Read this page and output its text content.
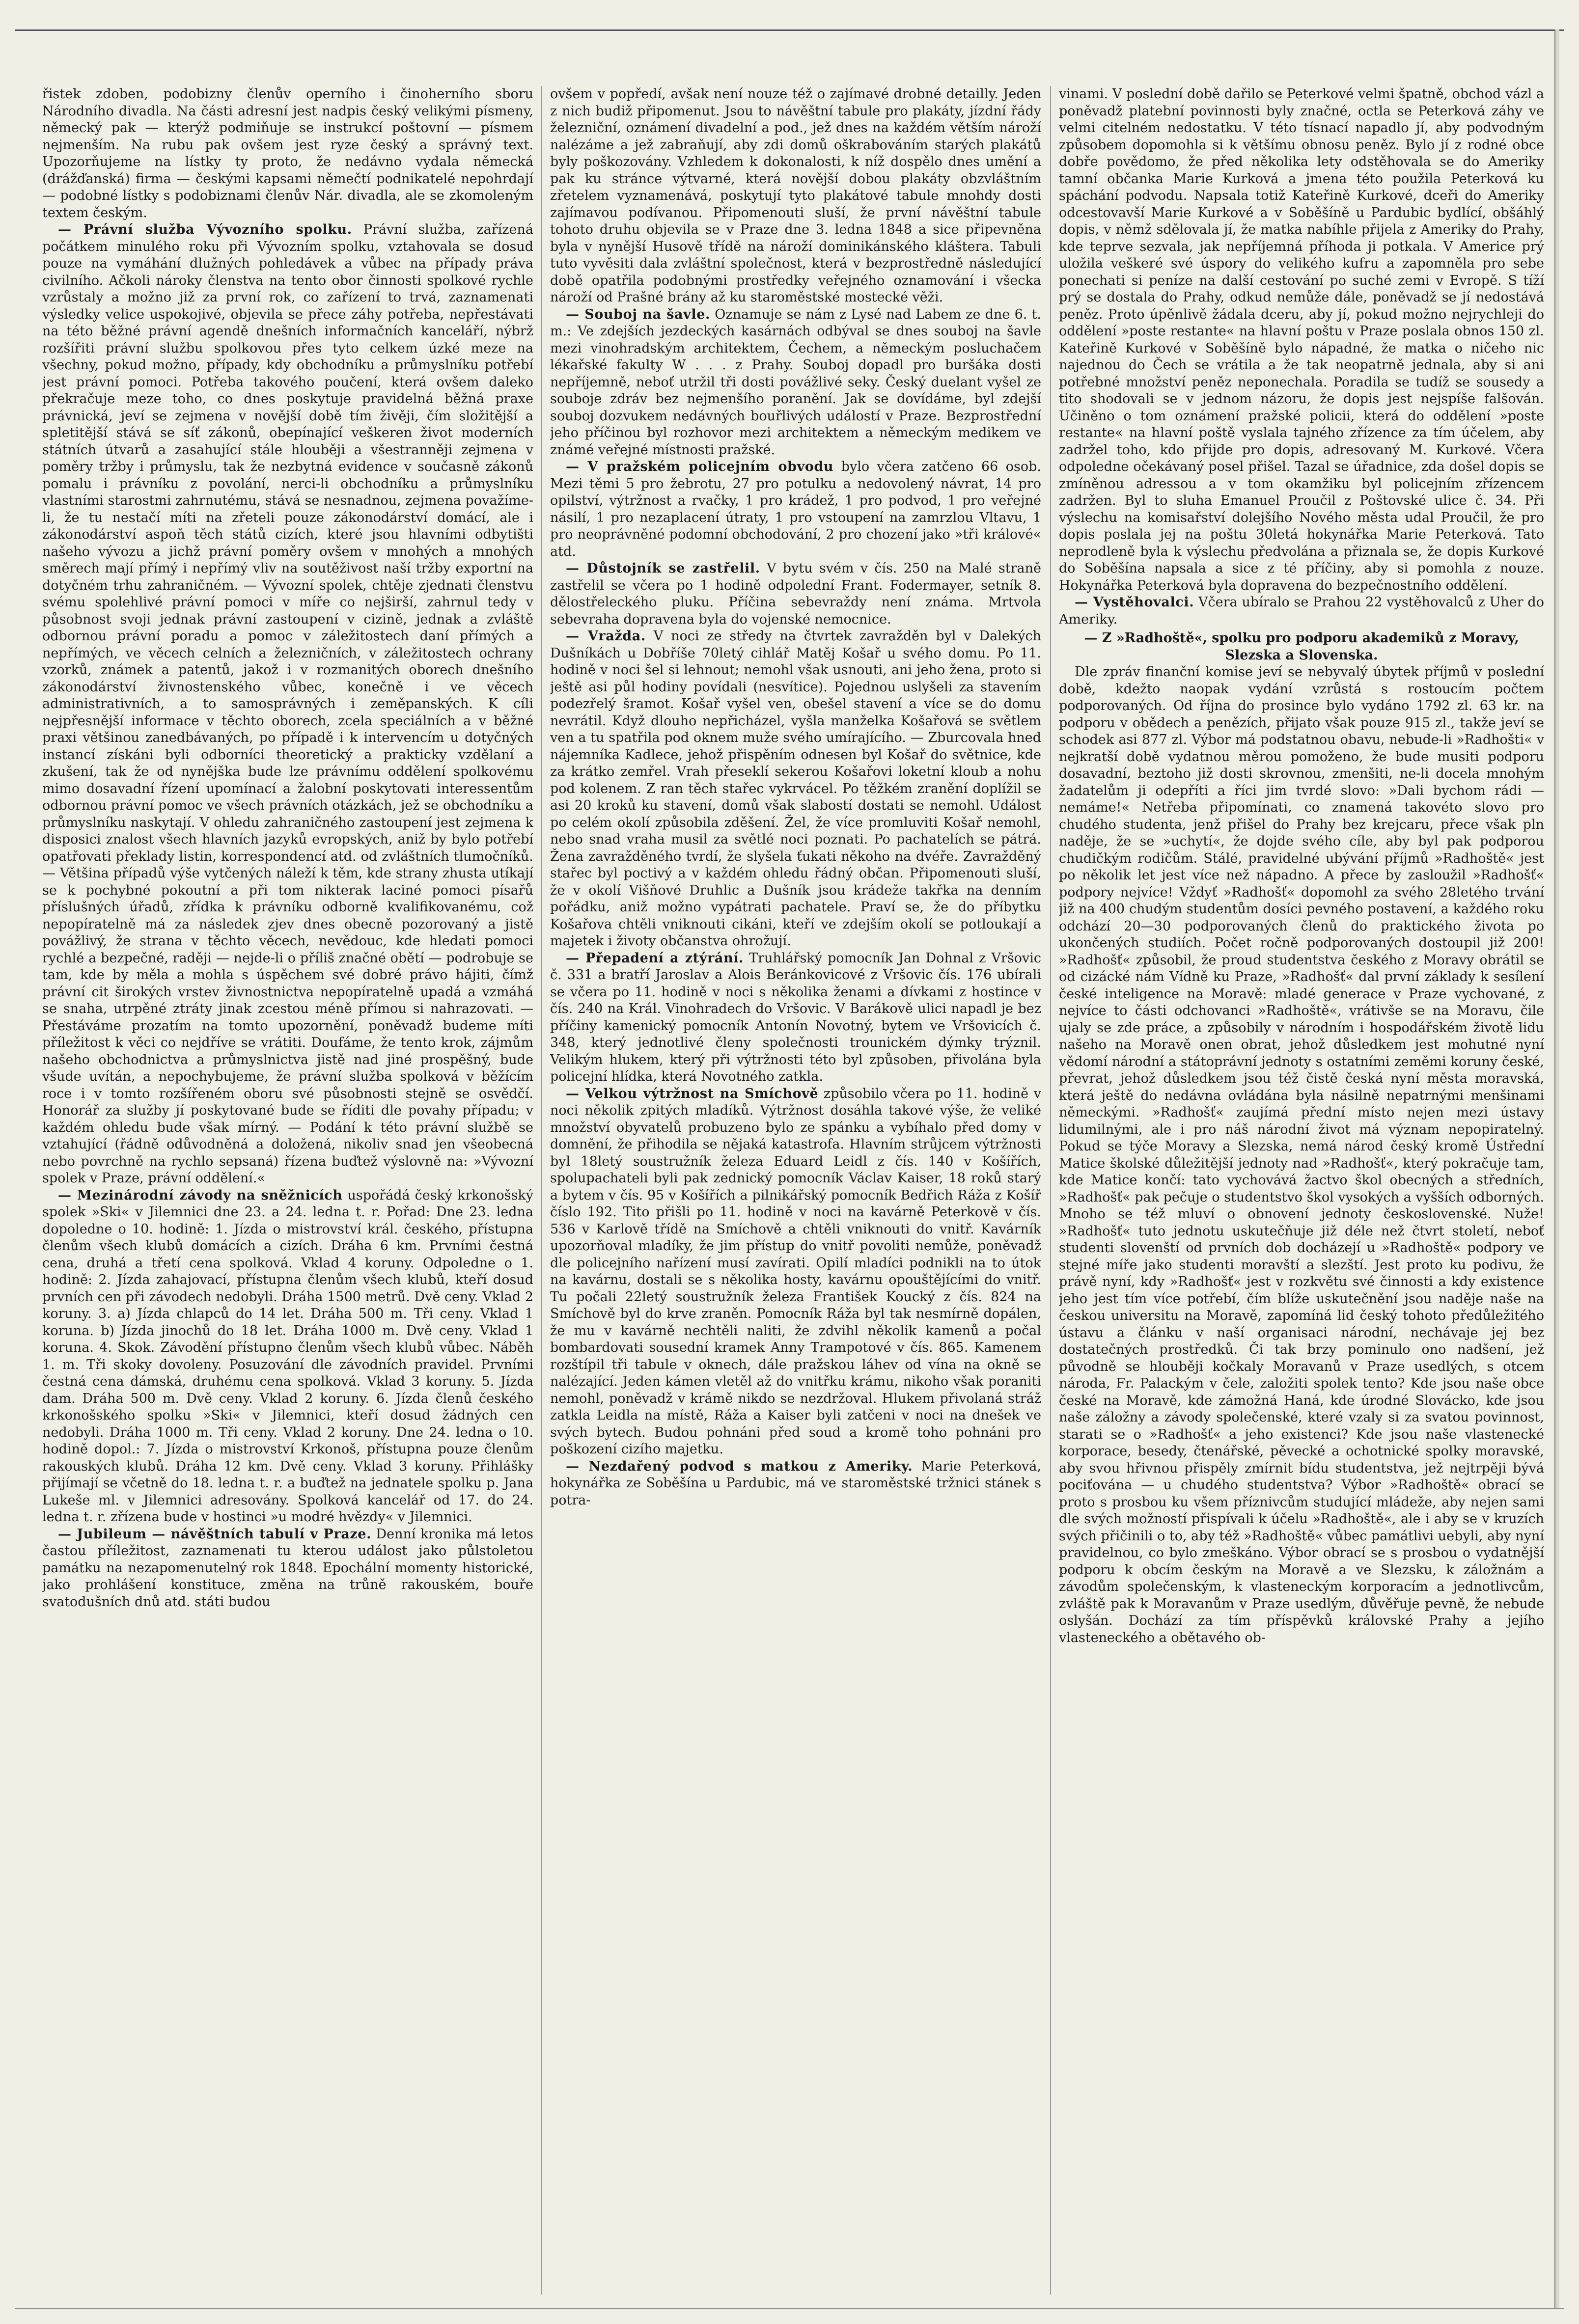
řistek zdoben, podobizny členův operního i činoherního sboru Národního divadla. Na části adresní jest nadpis český velikými písmeny, německý pak — kterýž podmiňuje se instrukcí poštovní — písmem nejmenším. Na rubu pak ovšem jest ryze český a správný text. Upozorňujeme na lístky ty proto, že nedávno vydala německá (drážďanská) firma — českými kapsami němečtí podnikatelé nepohrdají — podobné lístky s podobiznami členův Nár. divadla, ale se zkomoleným textem českým.

— Právní služba Vývozního spolku. Právní služba, zařízená počátkem minulého roku při Vývozním spolku, vztahovala se dosud pouze na vymáhání dlužných pohledávek a vůbec na případy práva civilního. Ačkoli nároky členstva na tento obor činnosti spolkové rychle vzrůstaly a možno již za první rok, co zařízení to trvá, zaznamenati výsledky velice uspokojivé, objevila se přece záhy potřeba, nepřestávati na této běžné právní agendě dnešních informačních kanceláří, nýbrž rozšířiti právní službu spolkovou přes tyto celkem úzké meze na všechny, pokud možno, případy, kdy obchodníku a průmyslníku potřebí jest právní pomoci. Potřeba takového poučení, která ovšem daleko překračuje meze toho, co dnes poskytuje pravidelná běžná praxe právnická, jeví se zejmena v novější době tím živěji, čím složitější a spletitější stává se síť zákonů, obepínající veškeren život moderních státních útvarů a zasahující stále hlouběji a všestranněji zejmena v poměry tržby i průmyslu, tak že nezbytná evidence v současně zákonů pomalu i právníku z povolání, nerci-li obchodníku a průmyslníku vlastními starostmi zahrnutému, stává se nesnadnou, zejmena považíme-li, že tu nestačí míti na zřeteli pouze zákonodárství domácí, ale i zákonodárství aspoň těch států cizích, které jsou hlavními odbytišti našeho vývozu a jichž právní poměry ovšem v mnohých a mnohých směrech mají přímý i nepřímý vliv na soutěživost naší tržby exportní na dotyčném trhu zahraničném. — Vývozní spolek, chtěje zjednati členstvu svému spolehlivé právní pomoci v míře co nejširší, zahrnul tedy v působnost svoji jednak právní zastoupení v cizině, jednak a zvláště odbornou právní poradu a pomoc v záležitostech daní přímých a nepřímých, ve věcech celních a železničních, v záležitostech ochrany vzorků, známek a patentů, jakož i v rozmanitých oborech dnešního zákonodárství živnostenského vůbec, konečně i ve věcech administrativních, a to samosprávných i zeměpanských. K cíli nejpřesnější informace v těchto oborech, zcela speciálních a v běžné praxi většinou zanedbávaných, po případě i k intervencím u dotyčných instancí získáni byli odborníci theoretický a prakticky vzdělaní a zkušení, tak že od nynějška bude lze právnímu oddělení spolkovému mimo dosavadní řízení upomínací a žalobní poskytovati interessentům odbornou právní pomoc ve všech právních otázkách, jež se obchodníku a průmyslníku naskytají. V ohledu zahraničného zastoupení jest zejmena k disposici znalost všech hlavních jazyků evropských, aniž by bylo potřebí opatřovati překlady listin, korrespondencí atd. od zvláštních tlumočníků. — Většina případů výše vytčených náleží k těm, kde strany zhusta utíkají se k pochybné pokoutní a při tom nikterak laciné pomoci písařů příslušných úřadů, zřídka k právníku odborně kvalifikovanému, což nepopíratelně má za následek zjev dnes obecně pozorovaný a jistě povážlivý, že strana v těchto věcech, nevědouc, kde hledati pomoci rychlé a bezpečné, raději — nejde-li o příliš značné obětí — podrobuje se tam, kde by měla a mohla s úspěchem své dobré právo hájiti, čímž právní cit širokých vrstev živnostnictva nepopíratelně upadá a vzmáhá se snaha, utrpěné ztráty jinak zcestou méně přímou si nahrazovati. — Přestáváme prozatím na tomto upozornění, poněvadž budeme míti příležitost k věci co nejdříve se vrátiti. Doufáme, že tento krok, zájmům našeho obchodnictva a průmyslnictva jistě nad jiné prospěšný, bude všude uvítán, a nepochybujeme, že právní služba spolková v běžícím roce i v tomto rozšířeném oboru své působnosti stejně se osvědčí. Honorář za služby jí poskytované bude se říditi dle povahy případu; v každém ohledu bude však mírný. — Podání k této právní službě se vztahující (řádně odůvodněná a doložená, nikoliv snad jen všeobecná nebo povrchně na rychlo sepsaná) řízena buďtež výslovně na: »Vývozní spolek v Praze, právní oddělení.«

— Mezinárodní závody na sněžnicích uspořádá český krkonošský spolek »Ski« v Jilemnici dne 23. a 24. ledna t. r. Pořad: Dne 23. ledna dopoledne o 10. hodině: 1. Jízda o mistrovství král. českého, přístupna členům všech klubů domácích a cizích. Dráha 6 km. Prvními čestná cena, druhá a třetí cena spolková. Vklad 4 koruny. Odpoledne o 1. hodině: 2. Jízda zahajovací, přístupna členům všech klubů, kteří dosud prvních cen při závodech nedobyli. Dráha 1500 metrů. Dvě ceny. Vklad 2 koruny. 3. a) Jízda chlapců do 14 let. Dráha 500 m. Tři ceny. Vklad 1 koruna. b) Jízda jinochů do 18 let. Dráha 1000 m. Dvě ceny. Vklad 1 koruna. 4. Skok. Závodění přístupno členům všech klubů vůbec. Náběh 1. m. Tři skoky dovoleny. Posuzování dle závodních pravidel. Prvními čestná cena dámská, druhému cena spolková. Vklad 3 koruny. 5. Jízda dam. Dráha 500 m. Dvě ceny. Vklad 2 koruny. 6. Jízda členů českého krkonošského spolku »Ski« v Jilemnici, kteří dosud žádných cen nedobyli. Dráha 1000 m. Tři ceny. Vklad 2 koruny. Dne 24. ledna o 10. hodině dopol.: 7. Jízda o mistrovství Krkonoš, přístupna pouze členům rakouských klubů. Dráha 12 km. Dvě ceny. Vklad 3 koruny. Přihlášky přijímají se včetně do 18. ledna t. r. a buďtež na jednatele spolku p. Jana Lukeše ml. v Jilemnici adresovány. Spolková kancelář od 17. do 24. ledna t. r. zřízena bude v hostinci »u modré hvězdy« v Jilemnici.

— Jubileum — návěštních tabulí v Praze. Denní kronika má letos častou příležitost, zaznamenati tu kterou událost jako půlstoletou památku na nezapomenutelný rok 1848. Epochální momenty historické, jako prohlášení konstituce, změna na trůně rakouském, bouře svatodušních dnů atd. státi budou

ovšem v popředí, avšak není nouze též o zajímavé drobné detailly. Jeden z nich budiž připomenut. Jsou to návěštní tabule pro plakáty, jízdní řády železniční, oznámení divadelní a pod., jež dnes na každém větším nároží nalézáme a jež zabraňují, aby zdi domů oškrabováním starých plakátů byly poškozovány. Vzhledem k dokonalosti, k níž dospělo dnes umění a pak ku stránce výtvarné, která novější dobou plakáty obzvláštním zřetelem vyznamenává, poskytují tyto plakátové tabule mnohdy dosti zajímavou podívanou. Připomenouti sluší, že první návěštní tabule tohoto druhu objevila se v Praze dne 3. ledna 1848 a sice připevněna byla v nynější Husově třídě na nároží dominikánského kláštera. Tabuli tuto vyvěsiti dala zvláštní společnost, která v bezprostředně následující době opatřila podobnými prostředky veřejného oznamování i všecka nároží od Prašné brány až ku staroměstské mostecké věži.

— Souboj na šavle. Oznamuje se nám z Lysé nad Labem ze dne 6. t. m.: Ve zdejších jezdeckých kasárnách odbýval se dnes souboj na šavle mezi vinohradským architektem, Čechem, a německým posluchačem lékařské fakulty W . . . z Prahy. Souboj dopadl pro buršáka dosti nepříjemně, neboť utržil tři dosti povážlivé seky. Český duelant vyšel ze souboje zdráv bez nejmenšího poranění. Jak se dovídáme, byl zdejší souboj dozvukem nedávných bouřlivých událostí v Praze. Bezprostřední jeho příčinou byl rozhovor mezi architektem a německým medikem ve známé veřejné místnosti pražské.

— V pražském policejním obvodu bylo včera zatčeno 66 osob. Mezi těmi 5 pro žebrotu, 27 pro potulku a nedovolený návrat, 14 pro opilství, výtržnost a rvačky, 1 pro krádež, 1 pro podvod, 1 pro veřejné násilí, 1 pro nezaplacení útraty, 1 pro vstoupení na zamrzlou Vltavu, 1 pro neoprávněné podomní obchodování, 2 pro chození jako »tři králové« atd.

— Důstojník se zastřelil. V bytu svém v čís. 250 na Malé straně zastřelil se včera po 1 hodině odpolední Frant. Fodermayer, setník 8. dělostřeleckého pluku. Příčina sebevraždy není známa. Mrtvola sebevraha dopravena byla do vojenské nemocnice.

— Vražda. V noci ze středy na čtvrtek zavražděn byl v Dalekých Dušníkách u Dobříše 70letý cihlář Matěj Košař u svého domu. Po 11. hodině v noci šel si lehnout; nemohl však usnouti, ani jeho žena, proto si ještě asi půl hodiny povídali (nesvítice). Pojednou uslyšeli za stavením podezřelý šramot. Košař vyšel ven, obešel stavení a více se do domu nevrátil. Když dlouho nepřicházel, vyšla manželka Košařová se světlem ven a tu spatřila pod oknem muže svého umírajícího. — Zburcovala hned nájemníka Kadlece, jehož přispěním odnesen byl Košař do světnice, kde za krátko zemřel. Vrah přeseklí sekerou Košařovi loketní kloub a nohu pod kolenem. Z ran těch stařec vykrvácel. Po těžkém zranění doplížil se asi 20 kroků ku stavení, domů však slabostí dostati se nemohl. Událost po celém okolí způsobila zděšení. Žel, že více promluviti Košař nemohl, nebo snad vraha musil za světlé noci poznati. Po pachatelích se pátrá. Žena zavražděného tvrdí, že slyšela ťukati někoho na dvéře. Zavražděný stařec byl poctivý a v každém ohledu řádný občan. Připomenouti sluší, že v okolí Višňové Druhlic a Dušník jsou krádeže takřka na denním pořádku, aniž možno vypátrati pachatele. Praví se, že do příbytku Košařova chtěli vniknouti cikáni, kteří ve zdejším okolí se potloukají a majetek i životy občanstva ohrožují.

— Přepadení a ztýrání. Truhlářský pomocník Jan Dohnal z Vršovic č. 331 a bratří Jaroslav a Alois Beránkovicové z Vršovic čís. 176 ubírali se včera po 11. hodině v noci s několika ženami a dívkami z hostince v čís. 240 na Král. Vinohradech do Vršovic. V Barákově ulici napadl je bez příčiny kamenický pomocník Antonín Novotný, bytem ve Vršovicích č. 348, který jednotlivé členy společnosti trounickém dýmky trýznil. Velikým hlukem, který při výtržnosti této byl způsoben, přivolána byla policejní hlídka, která Novotného zatkla.

— Velkou výtržnost na Smíchově způsobilo včera po 11. hodině v noci několik zpitých mladíků. Výtržnost dosáhla takové výše, že veliké množství obyvatelů probuzeno bylo ze spánku a vybíhalo před domy v domnění, že přihodila se nějaká katastrofa. Hlavním strůjcem výtržnosti byl 18letý soustružník železa Eduard Leidl z čís. 140 v Košířích, spolupachateli byli pak zednický pomocník Václav Kaiser, 18 roků starý a bytem v čís. 95 v Košířích a pilnikářský pomocník Bedřich Ráža z Košíř číslo 192. Tito přišli po 11. hodině v noci na kavárně Peterkově v čís. 536 v Karlově třídě na Smíchově a chtěli vniknouti do vnitř. Kavárník upozorňoval mladíky, že jim přístup do vnitř povoliti nemůže, poněvadž dle policejního nařízení musí zavírati. Opilí mladíci podnikli na to útok na kavárnu, dostali se s několika hosty, kavárnu opouštějícími do vnitř. Tu počali 22letý soustružník železa František Koucký z čís. 824 na Smíchově byl do krve zraněn. Pomocník Ráža byl tak nesmírně dopálen, že mu v kavárně nechtěli naliti, že zdvihl několik kamenů a počal bombardovati sousední kramek Anny Trampotové v čís. 865. Kamenem rozštípil tři tabule v oknech, dále pražskou láhev od vína na okně se nalézající. Jeden kámen vletěl až do vnitřku krámu, nikoho však poraniti nemohl, poněvadž v krámě nikdo se nezdržoval. Hlukem přivolaná stráž zatkla Leidla na místě, Ráža a Kaiser byli zatčeni v noci na dnešek ve svých bytech. Budou pohnáni před soud a kromě toho pohnáni pro poškození cizího majetku.

— Nezdařený podvod s matkou z Ameriky. Marie Peterková, hokynářka ze Soběšína u Pardubic, má ve staroměstské tržnici stánek s potra-

vinami. V poslední době dařilo se Peterkové velmi špatně, obchod vázl a poněvadž platební povinnosti byly značné, octla se Peterková záhy ve velmi citelném nedostatku. V této tísnací napadlo jí, aby podvodným způsobem dopomohla si k většímu obnosu peněz. Bylo jí z rodné obce dobře povědomo, že před několika lety odstěhovala se do Ameriky tamní občanka Marie Kurková a jmena této použila Peterková ku spáchání podvodu. Napsala totiž Kateřině Kurkové, dceři do Ameriky odcestovavší Marie Kurkové a v Soběšíně u Pardubic bydlící, obšáhlý dopis, v němž sdělovala jí, že matka nabíhle přijela z Ameriky do Prahy, kde teprve sezvala, jak nepříjemná příhoda ji potkala. V Americe prý uložila veškeré své úspory do velikého kufru a zapomněla pro sebe ponechati si peníze na další cestování po suché zemi v Evropě. S tíží prý se dostala do Prahy, odkud nemůže dále, poněvadž se jí nedostává peněz. Proto úpěnlivě žádala dceru, aby jí, pokud možno nejrychleji do oddělení »poste restante« na hlavní poštu v Praze poslala obnos 150 zl. Kateřině Kurkové v Soběšíně bylo nápadné, že matka o ničeho nic najednou do Čech se vrátila a že tak neopatrně jednala, aby si ani potřebné množství peněz neponechala. Poradila se tudíž se sousedy a tito shodovali se v jednom názoru, že dopis jest nejspíše falšován. Učiněno o tom oznámení pražské policii, která do oddělení »poste restante« na hlavní poště vyslala tajného zřízence za tím účelem, aby zadržel toho, kdo přijde pro dopis, adresovaný M. Kurkové. Včera odpoledne očekávaný posel přišel. Tazal se úřadnice, zda došel dopis se zmíněnou adressou a v tom okamžiku byl policejním zřízencem zadržen. Byl to sluha Emanuel Proučil z Poštovské ulice č. 34. Při výslechu na komisařství dolejšího Nového města udal Proučil, že pro dopis poslala jej na poštu 30letá hokynářka Marie Peterková. Tato neprodleně byla k výslechu předvolána a přiznala se, že dopis Kurkové do Soběšína napsala a sice z té příčiny, aby si pomohla z nouze. Hokynářka Peterková byla dopravena do bezpečnostního oddělení.

— Vystěhovalci. Včera ubíralo se Prahou 22 vystěhovalců z Uher do Ameriky.

— Z »Radhoště«, spolku pro podporu akademiků z Moravy, Slezska a Slovenska.

Dle zpráv finanční komise jeví se nebyvalý úbytek příjmů v poslední době, kdežto naopak vydání vzrůstá s rostoucím počtem podporovaných. Od října do prosince bylo vydáno 1792 zl. 63 kr. na podporu v obědech a penězích, přijato však pouze 915 zl., takže jeví se schodek asi 877 zl. Výbor má podstatnou obavu, nebude-li »Radhošti« v nejkratší době vydatnou měrou pomoženo, že bude musiti podporu dosavadní, beztoho již dosti skrovnou, zmenšiti, ne-li docela mnohým žadatelům ji odepříti a říci jim tvrdé slovo: »Dali bychom rádi — nemáme!« Netřeba připomínati, co znamená takovéto slovo pro chudého studenta, jenž přišel do Prahy bez krejcaru, přece však pln naděje, že se »uchytí«, že dojde svého cíle, aby byl pak podporou chudičkým rodičům. Stálé, pravidelné ubývání příjmů »Radhoště« jest po několik let jest více než nápadno. A přece by zasloužil »Radhošť« podpory nejvíce! Vždyť »Radhošť« dopomohl za svého 28letého trvání již na 400 chudým studentům dosíci pevného postavení, a každého roku odchází 20—30 podporovaných členů do praktického života po ukončených studiích. Počet ročně podporovaných dostoupil již 200! »Radhošť« způsobil, že proud studentstva českého z Moravy obrátil se od cizácké nám Vídně ku Praze, »Radhošť« dal první základy k sesílení české inteligence na Moravě: mladé generace v Praze vychované, z nejvíce to části odchovanci »Radhoště«, vrátivše se na Moravu, čile ujaly se zde práce, a způsobily v národním i hospodářském životě lidu našeho na Moravě onen obrat, jehož důsledkem jest mohutné nyní vědomí národní a státoprávní jednoty s ostatními zeměmi koruny české, převrat, jehož důsledkem jsou též čistě česká nyní města moravská, která ještě do nedávna ovládána byla násilně nepatrnými menšinami německými. »Radhošť« zaujímá přední místo nejen mezi ústavy lidumilnými, ale i pro náš národní život má význam nepopiratelný. Pokud se týče Moravy a Slezska, nemá národ český kromě Ústřední Matice školské důležitější jednoty nad »Radhošť«, který pokračuje tam, kde Matice končí: tato vychovává žactvo škol obecných a středních, »Radhošť« pak pečuje o studentstvo škol vysokých a vyšších odborných. Mnoho se též mluví o obnovení jednoty československé. Nuže! »Radhošť« tuto jednotu uskutečňuje již déle než čtvrt století, neboť studenti slovenští od prvních dob docházejí u »Radhoště« podpory ve stejné míře jako studenti moravští a slezští. Jest proto ku podivu, že právě nyní, kdy »Radhošť« jest v rozkvětu své činnosti a kdy existence jeho jest tím více potřebí, čím blíže uskutečnění jsou naděje naše na českou universitu na Moravě, zapomíná lid český tohoto předůležitého ústavu a článku v naší organisaci národní, nechávaje jej bez dostatečných prostředků. Či tak brzy pominulo ono nadšení, jež původně se hlouběji kočkaly Moravanů v Praze usedlých, s otcem národa, Fr. Palackým v čele, založiti spolek tento? Kde jsou naše obce české na Moravě, kde zámožná Haná, kde úrodné Slovácko, kde jsou naše záložny a závody společenské, které vzaly si za svatou povinnost, starati se o »Radhošť« a jeho existenci? Kde jsou naše vlastenecké korporace, besedy, čtenářské, pěvecké a ochotnické spolky moravské, aby svou hřivnou přispěly zmírnit bídu studentstva, jež nejtrpěji bývá pociťována — u chudého studentstva? Výbor »Radhoště« obrací se proto s prosbou ku všem příznivcům studující mládeže, aby nejen sami dle svých možností přispívali k účelu »Radhoště«, ale i aby se v kruzích svých přičinili o to, aby též »Radhoště« vůbec památlivi uebyli, aby nyní pravidelnou, co bylo zmeškáno. Výbor obrací se s prosbou o vydatnější podporu k obcím českým na Moravě a ve Slezsku, k záložnám a závodům společenským, k vlasteneckým korporacím a jednotlivcům, zvláště pak k Moravanům v Praze usedlým, důvěřuje pevně, že nebude oslyšán. Dochází za tím příspěvků královské Prahy a jejího vlasteneckého a obětavého ob-
